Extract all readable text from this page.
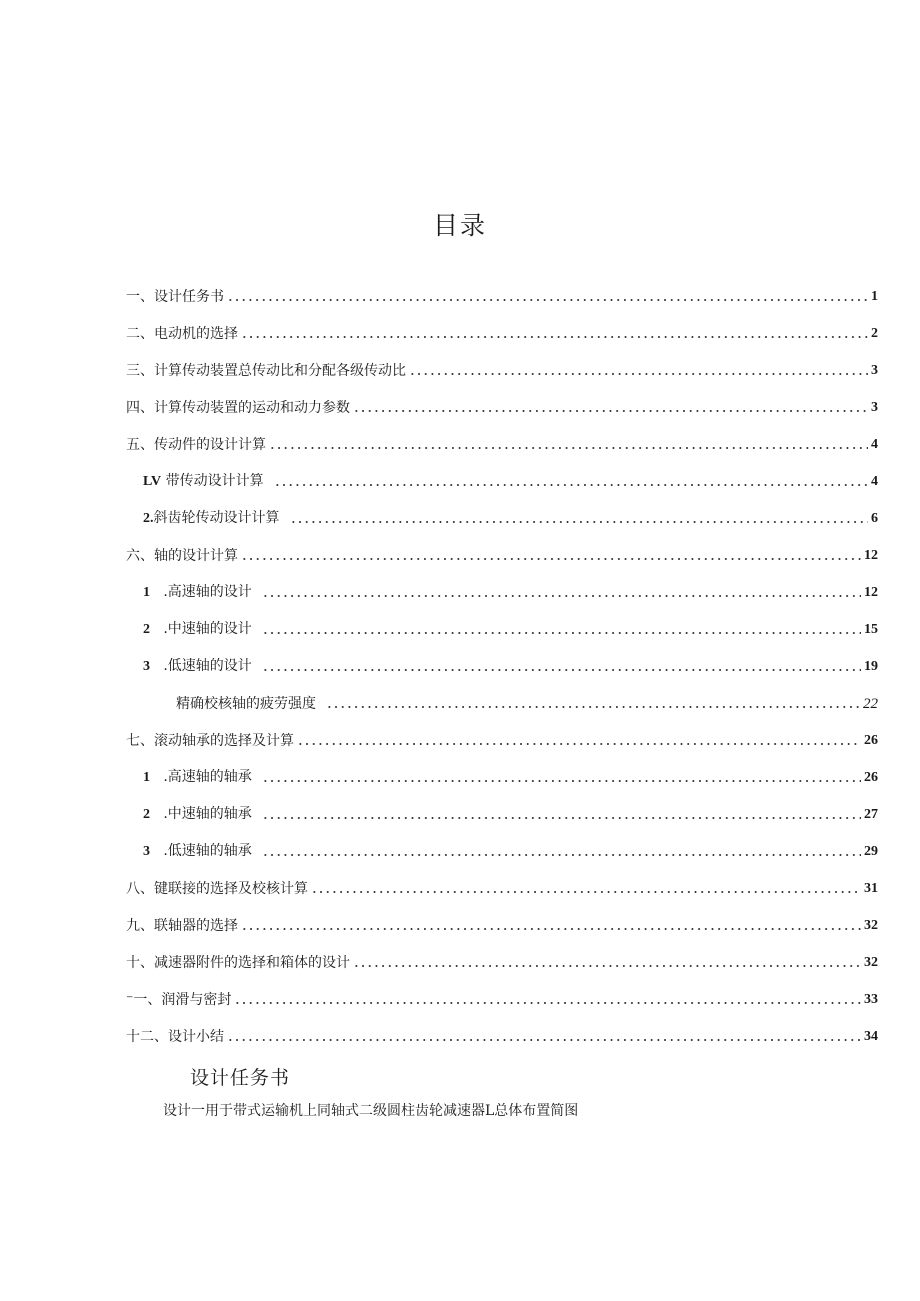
目录
一、设计任务书	1
二、电动机的选择	2
三、计算传动装置总传动比和分配各级传动比	3
四、计算传动装置的运动和动力参数	3
五、传动件的设计计算	4
LV 带传动设计计算	4
2.斜齿轮传动设计计算	6
六、轴的设计计算	12
1   .高速轴的设计	12
2   .中速轴的设计	15
3   .低速轴的设计	19
精确校核轴的疲劳强度	22
七、滚动轴承的选择及计算	26
1   .高速轴的轴承	26
2   .中速轴的轴承	27
3   .低速轴的轴承	29
八、键联接的选择及校核计算	31
九、联轴器的选择	32
十、减速器附件的选择和箱体的设计	32
⁻一、润滑与密封	33
十二、设计小结	34
设计任务书
设计一用于带式运输机上同轴式二级圆柱齿轮减速器L总体布置简图
